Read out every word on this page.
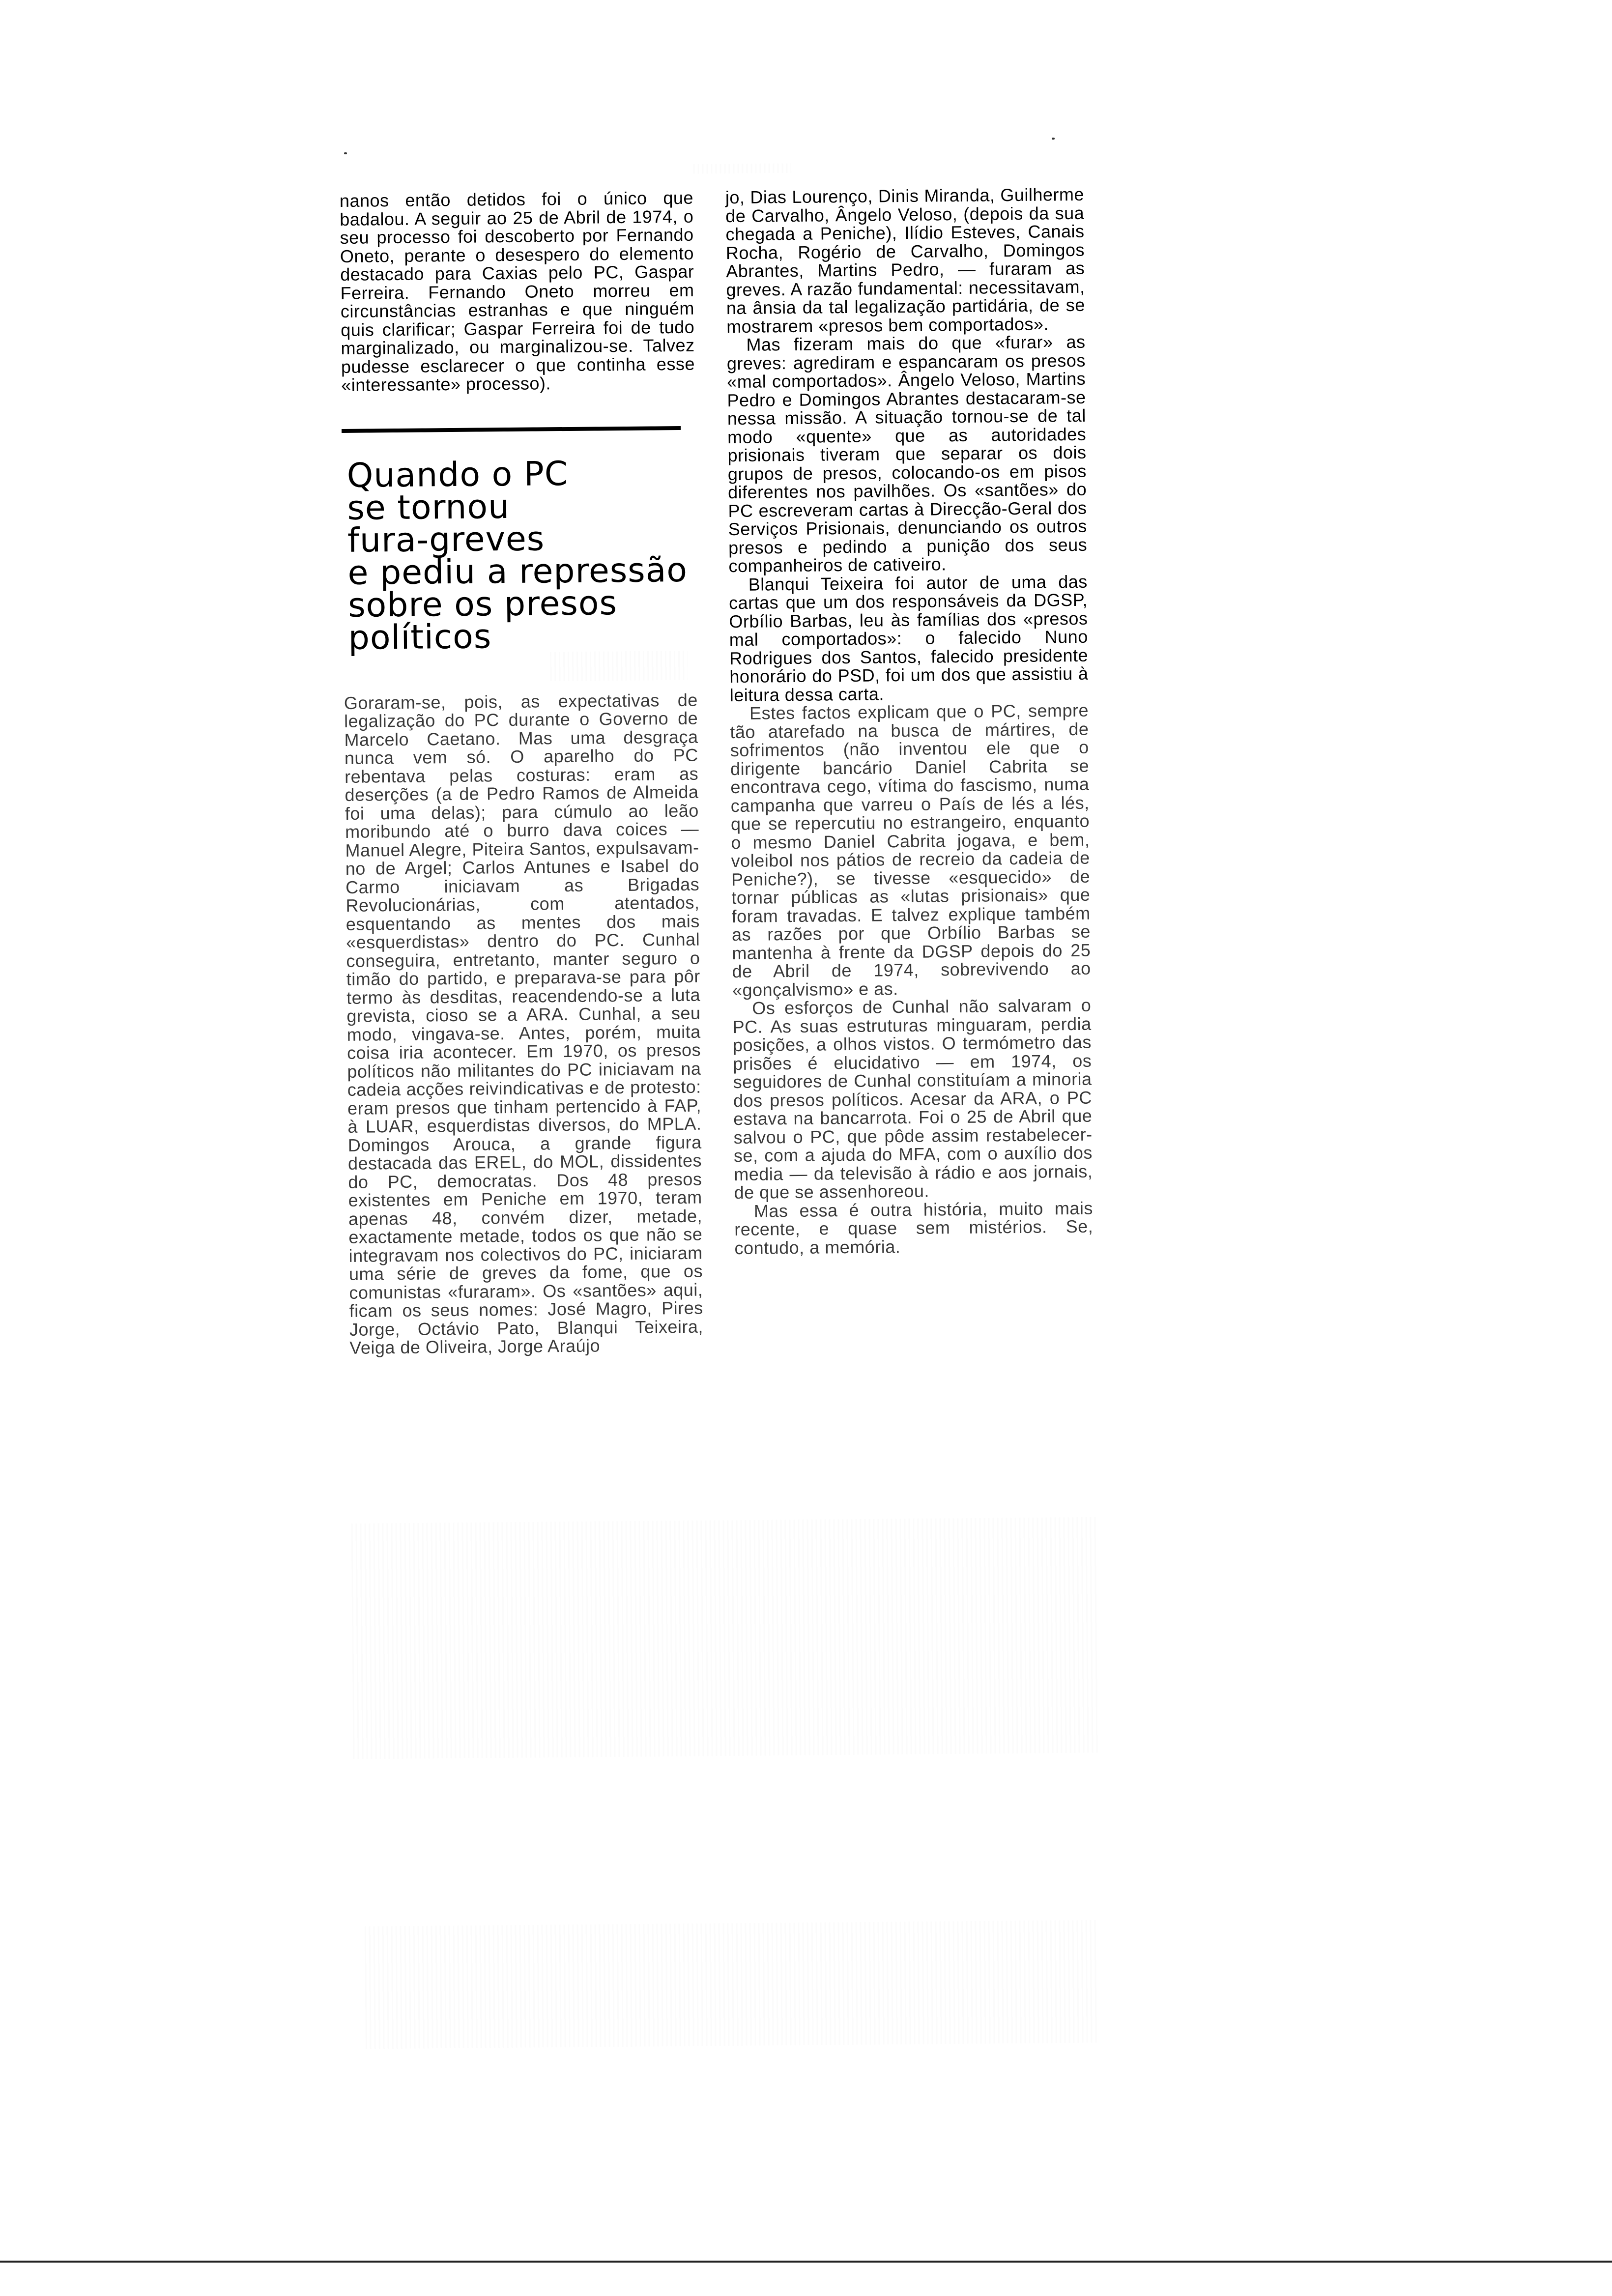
nanos então detidos foi o único que badalou. A seguir ao 25 de Abril de 1974, o seu processo foi descoberto por Fernando Oneto, perante o desespero do elemento destacado para Caxias pelo PC, Gaspar Ferreira. Fernando Oneto morreu em circunstâncias estranhas e que ninguém quis clarificar; Gaspar Ferreira foi de tudo marginalizado, ou marginalizou-se. Talvez pudesse esclarecer o que continha esse «interessante» processo).

Quando o PC
se tornou
fura-greves
e pediu a repressão
sobre os presos
políticos

Goraram-se, pois, as expectativas de legalização do PC durante o Governo de Marcelo Caetano. Mas uma desgraça nunca vem só. O aparelho do PC rebentava pelas costuras: eram as deserções (a de Pedro Ramos de Almeida foi uma delas); para cúmulo ao leão moribundo até o burro dava coices — Manuel Alegre, Piteira Santos, expulsavam-no de Argel; Carlos Antunes e Isabel do Carmo iniciavam as Brigadas Revolucionárias, com atentados, esquentando as mentes dos mais «esquerdistas» dentro do PC. Cunhal conseguira, entretanto, manter seguro o timão do partido, e preparava-se para pôr termo às desditas, reacendendo-se a luta grevista, cioso se a ARA. Cunhal, a seu modo, vingava-se. Antes, porém, muita coisa iria acontecer. Em 1970, os presos políticos não militantes do PC iniciavam na cadeia acções reivindicativas e de protesto: eram presos que tinham pertencido à FAP, à LUAR, esquerdistas diversos, do MPLA. Domingos Arouca, a grande figura destacada das EREL, do MOL, dissidentes do PC, democratas. Dos 48 presos existentes em Peniche em 1970, teram apenas 48, convém dizer, metade, exactamente metade, todos os que não se integravam nos colectivos do PC, iniciaram uma série de greves da fome, que os comunistas «furaram». Os «santões» aqui, ficam os seus nomes: José Magro, Pires Jorge, Octávio Pato, Blanqui Teixeira, Veiga de Oliveira, Jorge Araújo

jo, Dias Lourenço, Dinis Miranda, Guilherme de Carvalho, Ângelo Veloso, (depois da sua chegada a Peniche), Ilídio Esteves, Canais Rocha, Rogério de Carvalho, Domingos Abrantes, Martins Pedro, — furaram as greves. A razão fundamental: necessitavam, na ânsia da tal legalização partidária, de se mostrarem «presos bem comportados».

Mas fizeram mais do que «furar» as greves: agrediram e espancaram os presos «mal comportados». Ângelo Veloso, Martins Pedro e Domingos Abrantes destacaram-se nessa missão. A situação tornou-se de tal modo «quente» que as autoridades prisionais tiveram que separar os dois grupos de presos, colocando-os em pisos diferentes nos pavilhões. Os «santões» do PC escreveram cartas à Direcção-Geral dos Serviços Prisionais, denunciando os outros presos e pedindo a punição dos seus companheiros de cativeiro.

Blanqui Teixeira foi autor de uma das cartas que um dos responsáveis da DGSP, Orbílio Barbas, leu às famílias dos «presos mal comportados»: o falecido Nuno Rodrigues dos Santos, falecido presidente honorário do PSD, foi um dos que assistiu à leitura dessa carta.

Estes factos explicam que o PC, sempre tão atarefado na busca de mártires, de sofrimentos (não inventou ele que o dirigente bancário Daniel Cabrita se encontrava cego, vítima do fascismo, numa campanha que varreu o País de lés a lés, que se repercutiu no estrangeiro, enquanto o mesmo Daniel Cabrita jogava, e bem, voleibol nos pátios de recreio da cadeia de Peniche?), se tivesse «esquecido» de tornar públicas as «lutas prisionais» que foram travadas. E talvez explique também as razões por que Orbílio Barbas se mantenha à frente da DGSP depois do 25 de Abril de 1974, sobrevivendo ao «gonçalvismo» e as.

Os esforços de Cunhal não salvaram o PC. As suas estruturas minguaram, perdia posições, a olhos vistos. O termómetro das prisões é elucidativo — em 1974, os seguidores de Cunhal constituíam a minoria dos presos políticos. Acesar da ARA, o PC estava na bancarrota. Foi o 25 de Abril que salvou o PC, que pôde assim restabelecer-se, com a ajuda do MFA, com o auxílio dos media — da televisão à rádio e aos jornais, de que se assenhoreou.

Mas essa é outra história, muito mais recente, e quase sem mistérios. Se, contudo, a memória.
